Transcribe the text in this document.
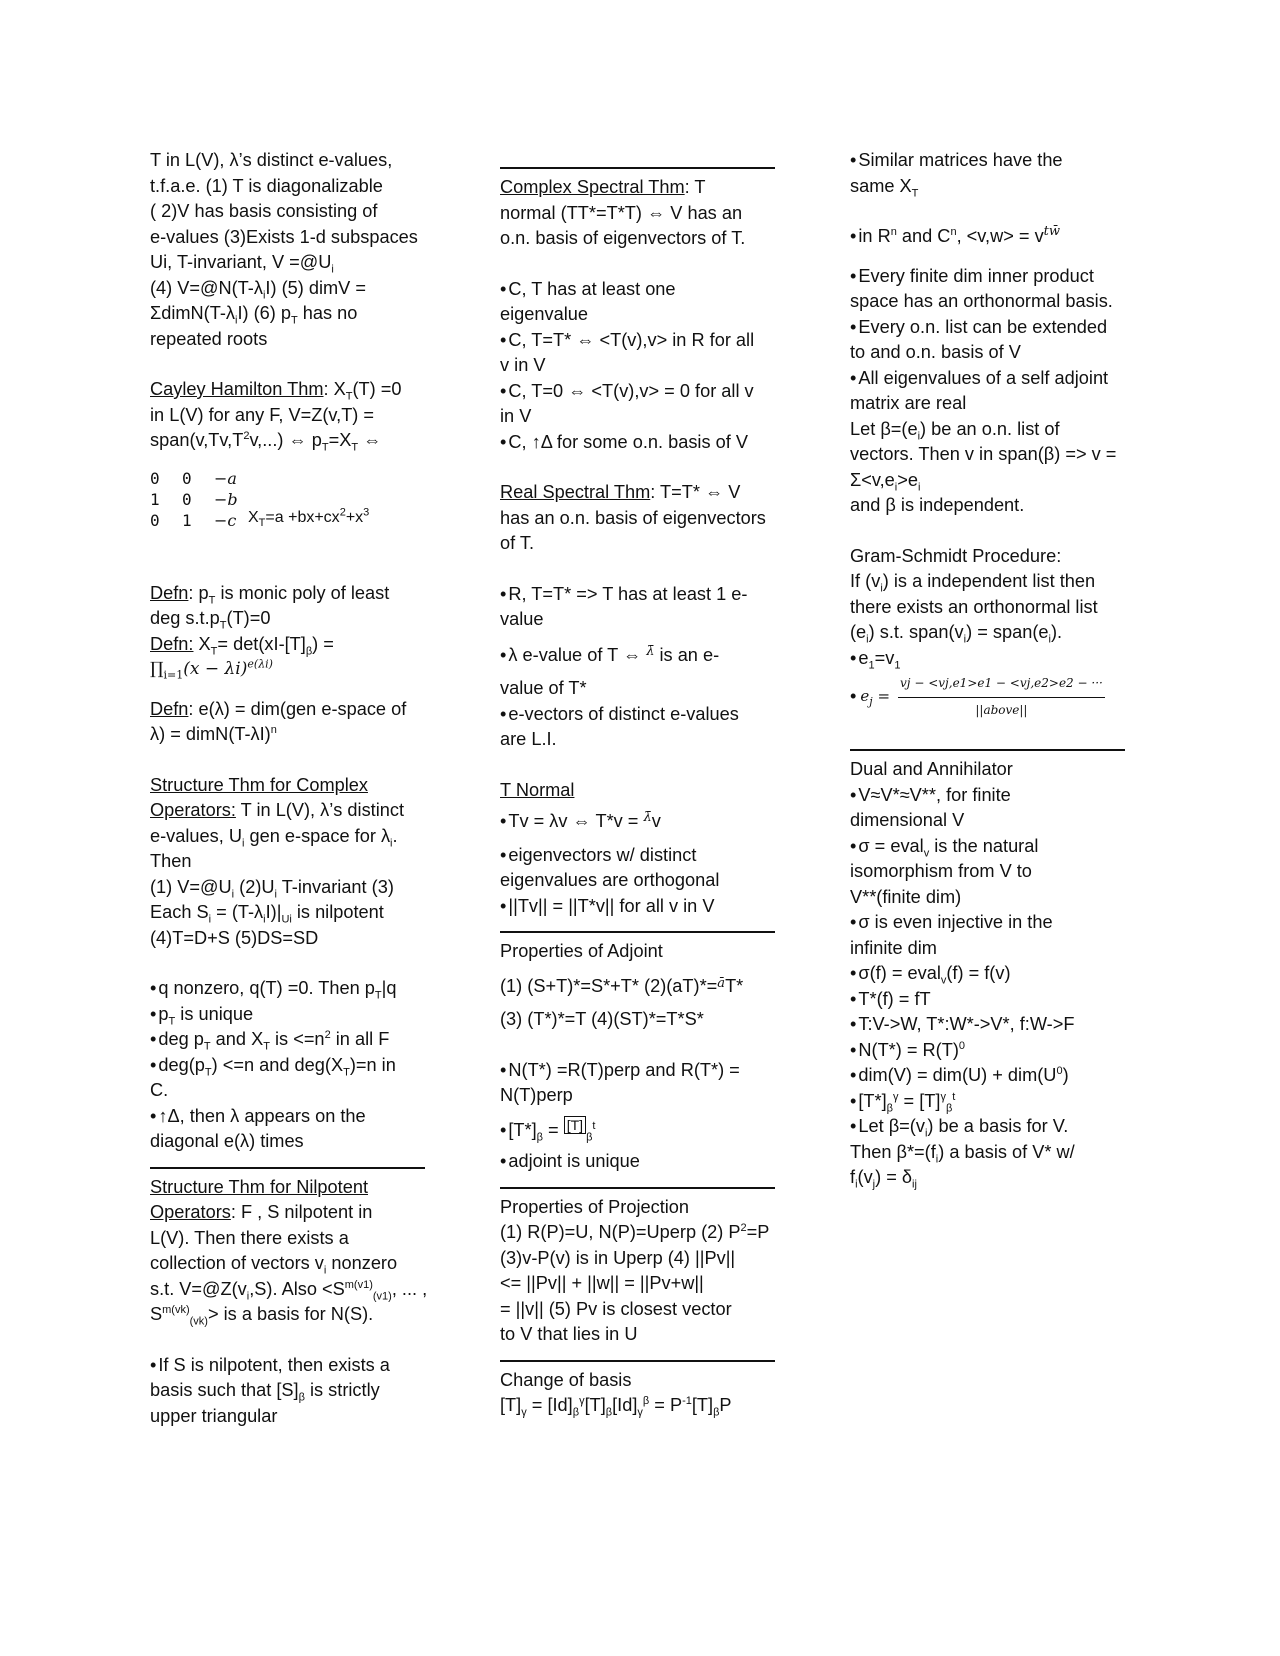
T in L(V), λ’s distinct e-values,

t.f.a.e. (1) T is diagonalizable

( 2)V has basis consisting of

e-values (3)Exists 1-d subspaces

Ui, T-invariant, $V =@U_i$

(4) $V=@N(T-\lambda_iI)$ (5) dimV =

$\Sigma dimN(T-\lambda_iI)$ (6) $p_T$ has no

repeated roots

Cayley Hamilton Thm: $X_T(T) =0$

in L(V) for any F, V=Z(v,T) =

$span(v,Tv,T^2v,...)$ ⇔ $p_T=X_T$ ⇔

0 0 −a
1 0 −b
0 1 −c $X_T=a +bx+cx^2+x^3$

Defn: $p_T$ is monic poly of least

deg $s.t.p_T(T)=0$

Defn: $X_T= \det(xI-[T]_\beta)$ =

$\prod_{i=1}(x - \lambda i)^{e(\lambda i)}$

Defn: e(λ) = dim(gen e-space of

$\lambda) = dimN(T-\lambda I)^n$

Structure Thm for Complex

Operators: T in L(V), λ’s distinct

e-values, $U_i$ gen e-space for $\lambda_i$.

Then

(1) $V=@U_i$ $(2)U_i$ T-invariant (3)

Each $S_i = (T-\lambda_iI)|_{Ui}$ is nilpotent

(4)T=D+S (5)DS=SD

• q nonzero, q(T) =0. Then $p_T|q$

• $p_T$ is unique

• deg $p_T$ and $X_T$ is $<=n^2$ in all F

• $deg(p_T) <=n$ and $deg(X_T)=n$ in

C.

• ↑Δ, then λ appears on the

diagonal e(λ) times

Structure Thm for Nilpotent

Operators: F , S nilpotent in

L(V). Then there exists a

collection of vectors $v_i$ nonzero

s.t. $V=@Z(v_i,S)$. Also $<S^{m(v1)}_{(v1)}$, ... ,

$S^{m(vk)}_{(vk)}>$ is a basis for N(S).

• If S is nilpotent, then exists a

basis such that $[S]_\beta$ is strictly

upper triangular

Complex Spectral Thm: T

normal (TT*=T*T) ⇔ V has an

o.n. basis of eigenvectors of T.

• C, T has at least one

eigenvalue

• C, T=T* ⇔ <T(v),v> in R for all

v in V

• C, T=0 ⇔ <T(v),v> = 0 for all v

in V

• C, ↑Δ for some o.n. basis of V

Real Spectral Thm: T=T* ⇔ V

has an o.n. basis of eigenvectors

of T.

• R, T=T* => T has at least 1 e-

value

• λ e-value of T ⇔ $^{\lambdā}$ is an e-

value of T*

• e-vectors of distinct e-values

are L.I.

T Normal

• Tv = λv ⇔ T*v = $^{\lambdā}$v

• eigenvectors w/ distinct

eigenvalues are orthogonal

• ||Tv|| = ||T*v|| for all v in V

Properties of Adjoint

(1) (S+T)*=S*+T* (2)(aT)*=$^ā$T*

(3) (T*)*=T (4)(ST)*=T*S*

• N(T*) =R(T)perp and R(T*) =

N(T)perp

• $[T*]_\beta = [T]_\beta^t$

• adjoint is unique

Properties of Projection

(1) R(P)=U, N(P)=Uperp (2) $P^2=P$

(3)v-P(v) is in Uperp (4) ||Pv||

<= ||Pv|| + ||w|| = ||Pv+w||

= ||v|| (5) Pv is closest vector

to V that lies in U

Change of basis

$[T]_\gamma = [Id]_\beta^\gamma[T]_\beta[Id]_\gamma^\beta = P^{-1}[T]_\beta P$

• Similar matrices have the

same $X_T$

• in $R^n$ and $C^n$, $<v,w> = v^{tw̄}$

• Every finite dim inner product

space has an orthonormal basis.

• Every o.n. list can be extended

to and o.n. basis of V

• All eigenvalues of a self adjoint

matrix are real

Let $\beta=(e_i)$ be an o.n. list of

vectors. Then v in span(β) => v =

$\Sigma<v,e_i>e_i$

and β is independent.

Gram-Schmidt Procedure:

If $(v_i)$ is a independent list then

there exists an orthonormal list

$(e_i)$ s.t. $span(v_i)$ = $span(e_i)$.

• $e_1=v_1$

• $e_j = \frac{vj - <vj,e1>e1 - <vj,e2>e2 - \cdot\cdot\cdot}{\text{||above||}}$

Dual and Annihilator

• V≈V*≈V**, for finite

dimensional V

• σ = eval$_v$ is the natural

isomorphism from V to

V**(finite dim)

• σ is even injective in the

infinite dim

• σ(f) = eval$_v$(f) = f(v)

• T*(f) = fT

• T:V->W, T*:W*->V*, f:W->F

• $N(T*) = R(T)^0$

• $dim(V) = dim(U) + dim(U^0)$

• $[T*]_\beta^\gamma = [T]^\gamma_\beta^t$

• Let $\beta=(v_i)$ be a basis for V.

Then $\beta*=(f_i)$ a basis of V* w/

$f_i(v_j) = \delta_{ij}$
